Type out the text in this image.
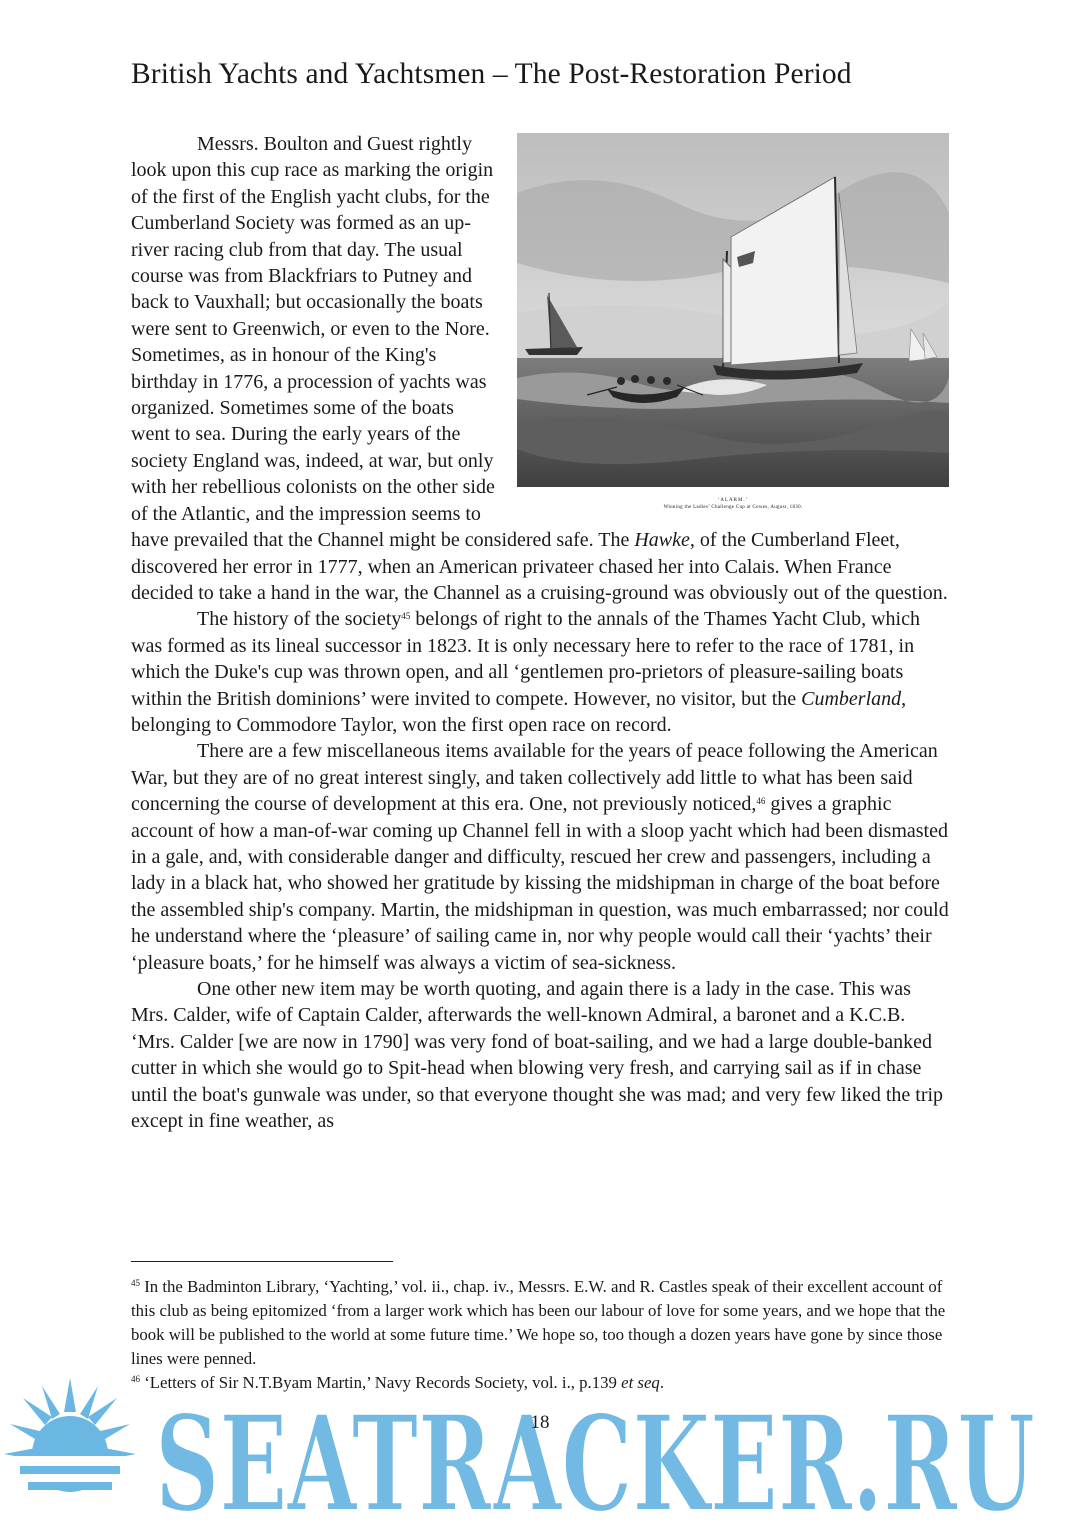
British Yachts and Yachtsmen – The Post-Restoration Period
‘ALARM.’
Winning the Ladies’ Challenge Cup at Cowes, August, 1830.

Messrs. Boulton and Guest rightly look upon this cup race as marking the origin of the first of the English yacht clubs, for the Cumberland Society was formed as an up-river racing club from that day. The usual course was from Blackfriars to Putney and back to Vauxhall; but occasionally the boats were sent to Greenwich, or even to the Nore. Sometimes, as in honour of the King's birthday in 1776, a procession of yachts was organized. Sometimes some of the boats went to sea. During the early years of the society England was, indeed, at war, but only with her rebellious colonists on the other side of the Atlantic, and the impression seems to have prevailed that the Channel might be considered safe. The Hawke, of the Cumberland Fleet, discovered her error in 1777, when an American privateer chased her into Calais. When France decided to take a hand in the war, the Channel as a cruising-ground was obviously out of the question.

The history of the society$^{45}$ belongs of right to the annals of the Thames Yacht Club, which was formed as its lineal successor in 1823. It is only necessary here to refer to the race of 1781, in which the Duke's cup was thrown open, and all ‘gentlemen pro-prietors of pleasure-sailing boats within the British dominions’ were invited to compete. However, no visitor, but the Cumberland, belonging to Commodore Taylor, won the first open race on record.

There are a few miscellaneous items available for the years of peace following the American War, but they are of no great interest singly, and taken collectively add little to what has been said concerning the course of development at this era. One, not previously noticed,$^{46}$ gives a graphic account of how a man-of-war coming up Channel fell in with a sloop yacht which had been dismasted in a gale, and, with considerable danger and difficulty, rescued her crew and passengers, including a lady in a black hat, who showed her gratitude by kissing the midshipman in charge of the boat before the assembled ship's company. Martin, the midshipman in question, was much embarrassed; nor could he understand where the ‘pleasure’ of sailing came in, nor why people would call their ‘yachts’ their ‘pleasure boats,’ for he himself was always a victim of sea-sickness.

One other new item may be worth quoting, and again there is a lady in the case. This was Mrs. Calder, wife of Captain Calder, afterwards the well-known Admiral, a baronet and a K.C.B. ‘Mrs. Calder [we are now in 1790] was very fond of boat-sailing, and we had a large double-banked cutter in which she would go to Spit-head when blowing very fresh, and carrying sail as if in chase until the boat's gunwale was under, so that everyone thought she was mad; and very few liked the trip except in fine weather, as

$^{45}$ In the Badminton Library, ‘Yachting,’ vol. ii., chap. iv., Messrs. E.W. and R. Castles speak of their excellent account of this club as being epitomized ‘from a larger work which has been our labour of love for some years, and we hope that the book will be published to the world at some future time.’ We hope so, too though a dozen years have gone by since those lines were penned.

$^{46}$ ‘Letters of Sir N.T.Byam Martin,’ Navy Records Society, vol. i., p.139 et seq.

SEATRACKER.RU
18
